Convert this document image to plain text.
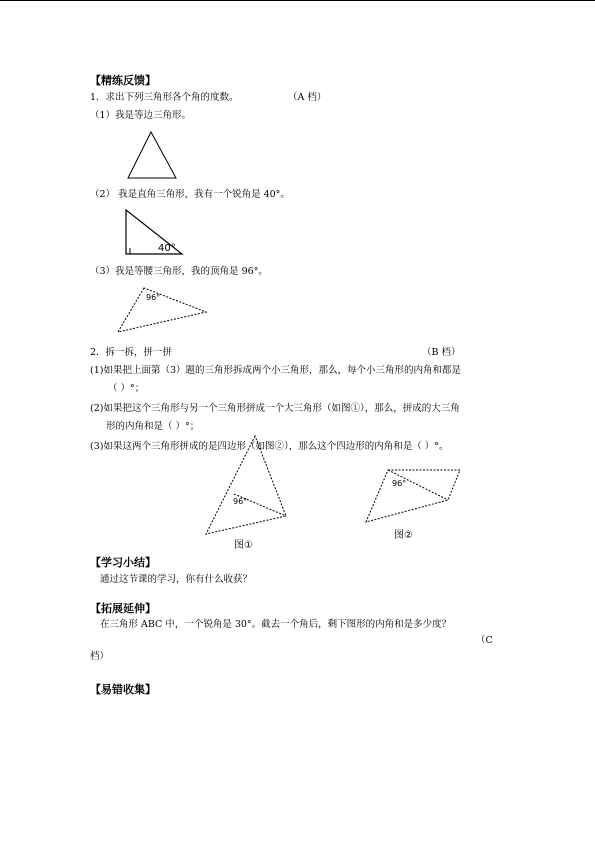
【精练反馈】
1．求出下列三角形各个角的度数。	（A 档）
（1）我是等边三角形。
（2） 我是直角三角形，我有一个锐角是 40°。
40°
（3）我是等腰三角形，我的顶角是 96°。
96°
2．拆一拆，拼一拼	（B 档）
(1)如果把上面第（3）题的三角形拆成两个小三角形，那么，每个小三角形的内角和都是
（ ）°；
(2)如果把这个三角形与另一个三角形拼成一个大三角形（如图①），那么，拼成的大三角
形的内角和是（ ）°；
(3)如果这两个三角形拼成的是四边形（如图②），那么这个四边形的内角和是（ ）°。
96°
图①
96°
图②
【学习小结】
通过这节课的学习，你有什么收获？
【拓展延伸】
在三角形 ABC 中，一个锐角是 30°。截去一个角后，剩下图形的内角和是多少度？
（C
档）
【易错收集】
